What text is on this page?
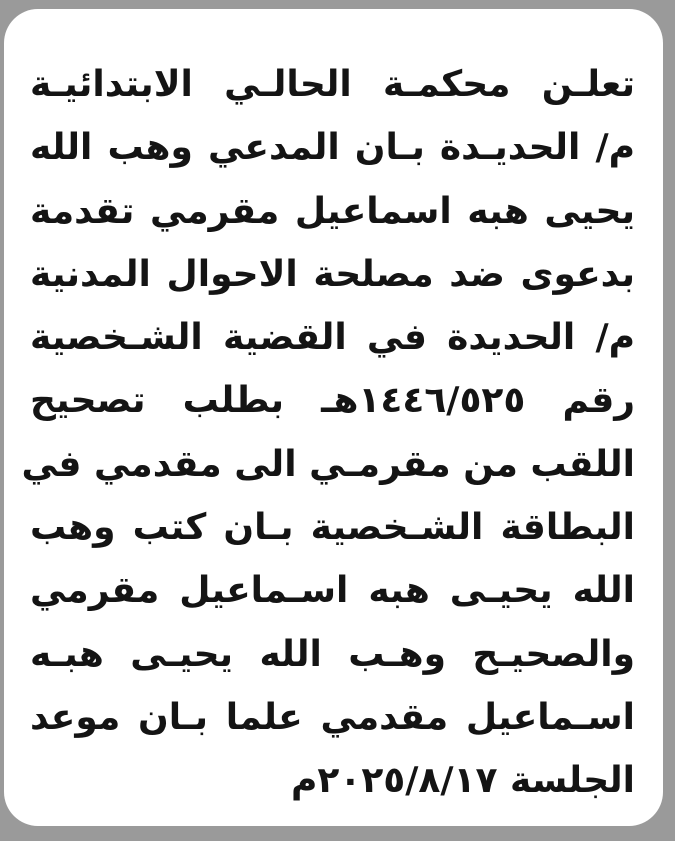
تعلـن محكمـة الحالـي الابتدائيـة
م/ الحديـدة بـان المدعي وهب الله
يحيى هبه اسماعيل مقرمي تقدمة
بدعوى ضد مصلحة الاحوال المدنية
م/ الحديدة في القضية الشـخصية
رقم ١٤٤٦/٥٢٥هـ بطلب تصحيح
اللقب من مقرمـي الى مقدمي في
البطاقة الشـخصية بـان كتب وهب
الله يحيـى هبه اسـماعيل مقرمي
والصحيـح وهـب الله يحيـى هبـه
اسـماعيل مقدمي علما بـان موعد
الجلسة ٢٠٢٥/٨/١٧م
